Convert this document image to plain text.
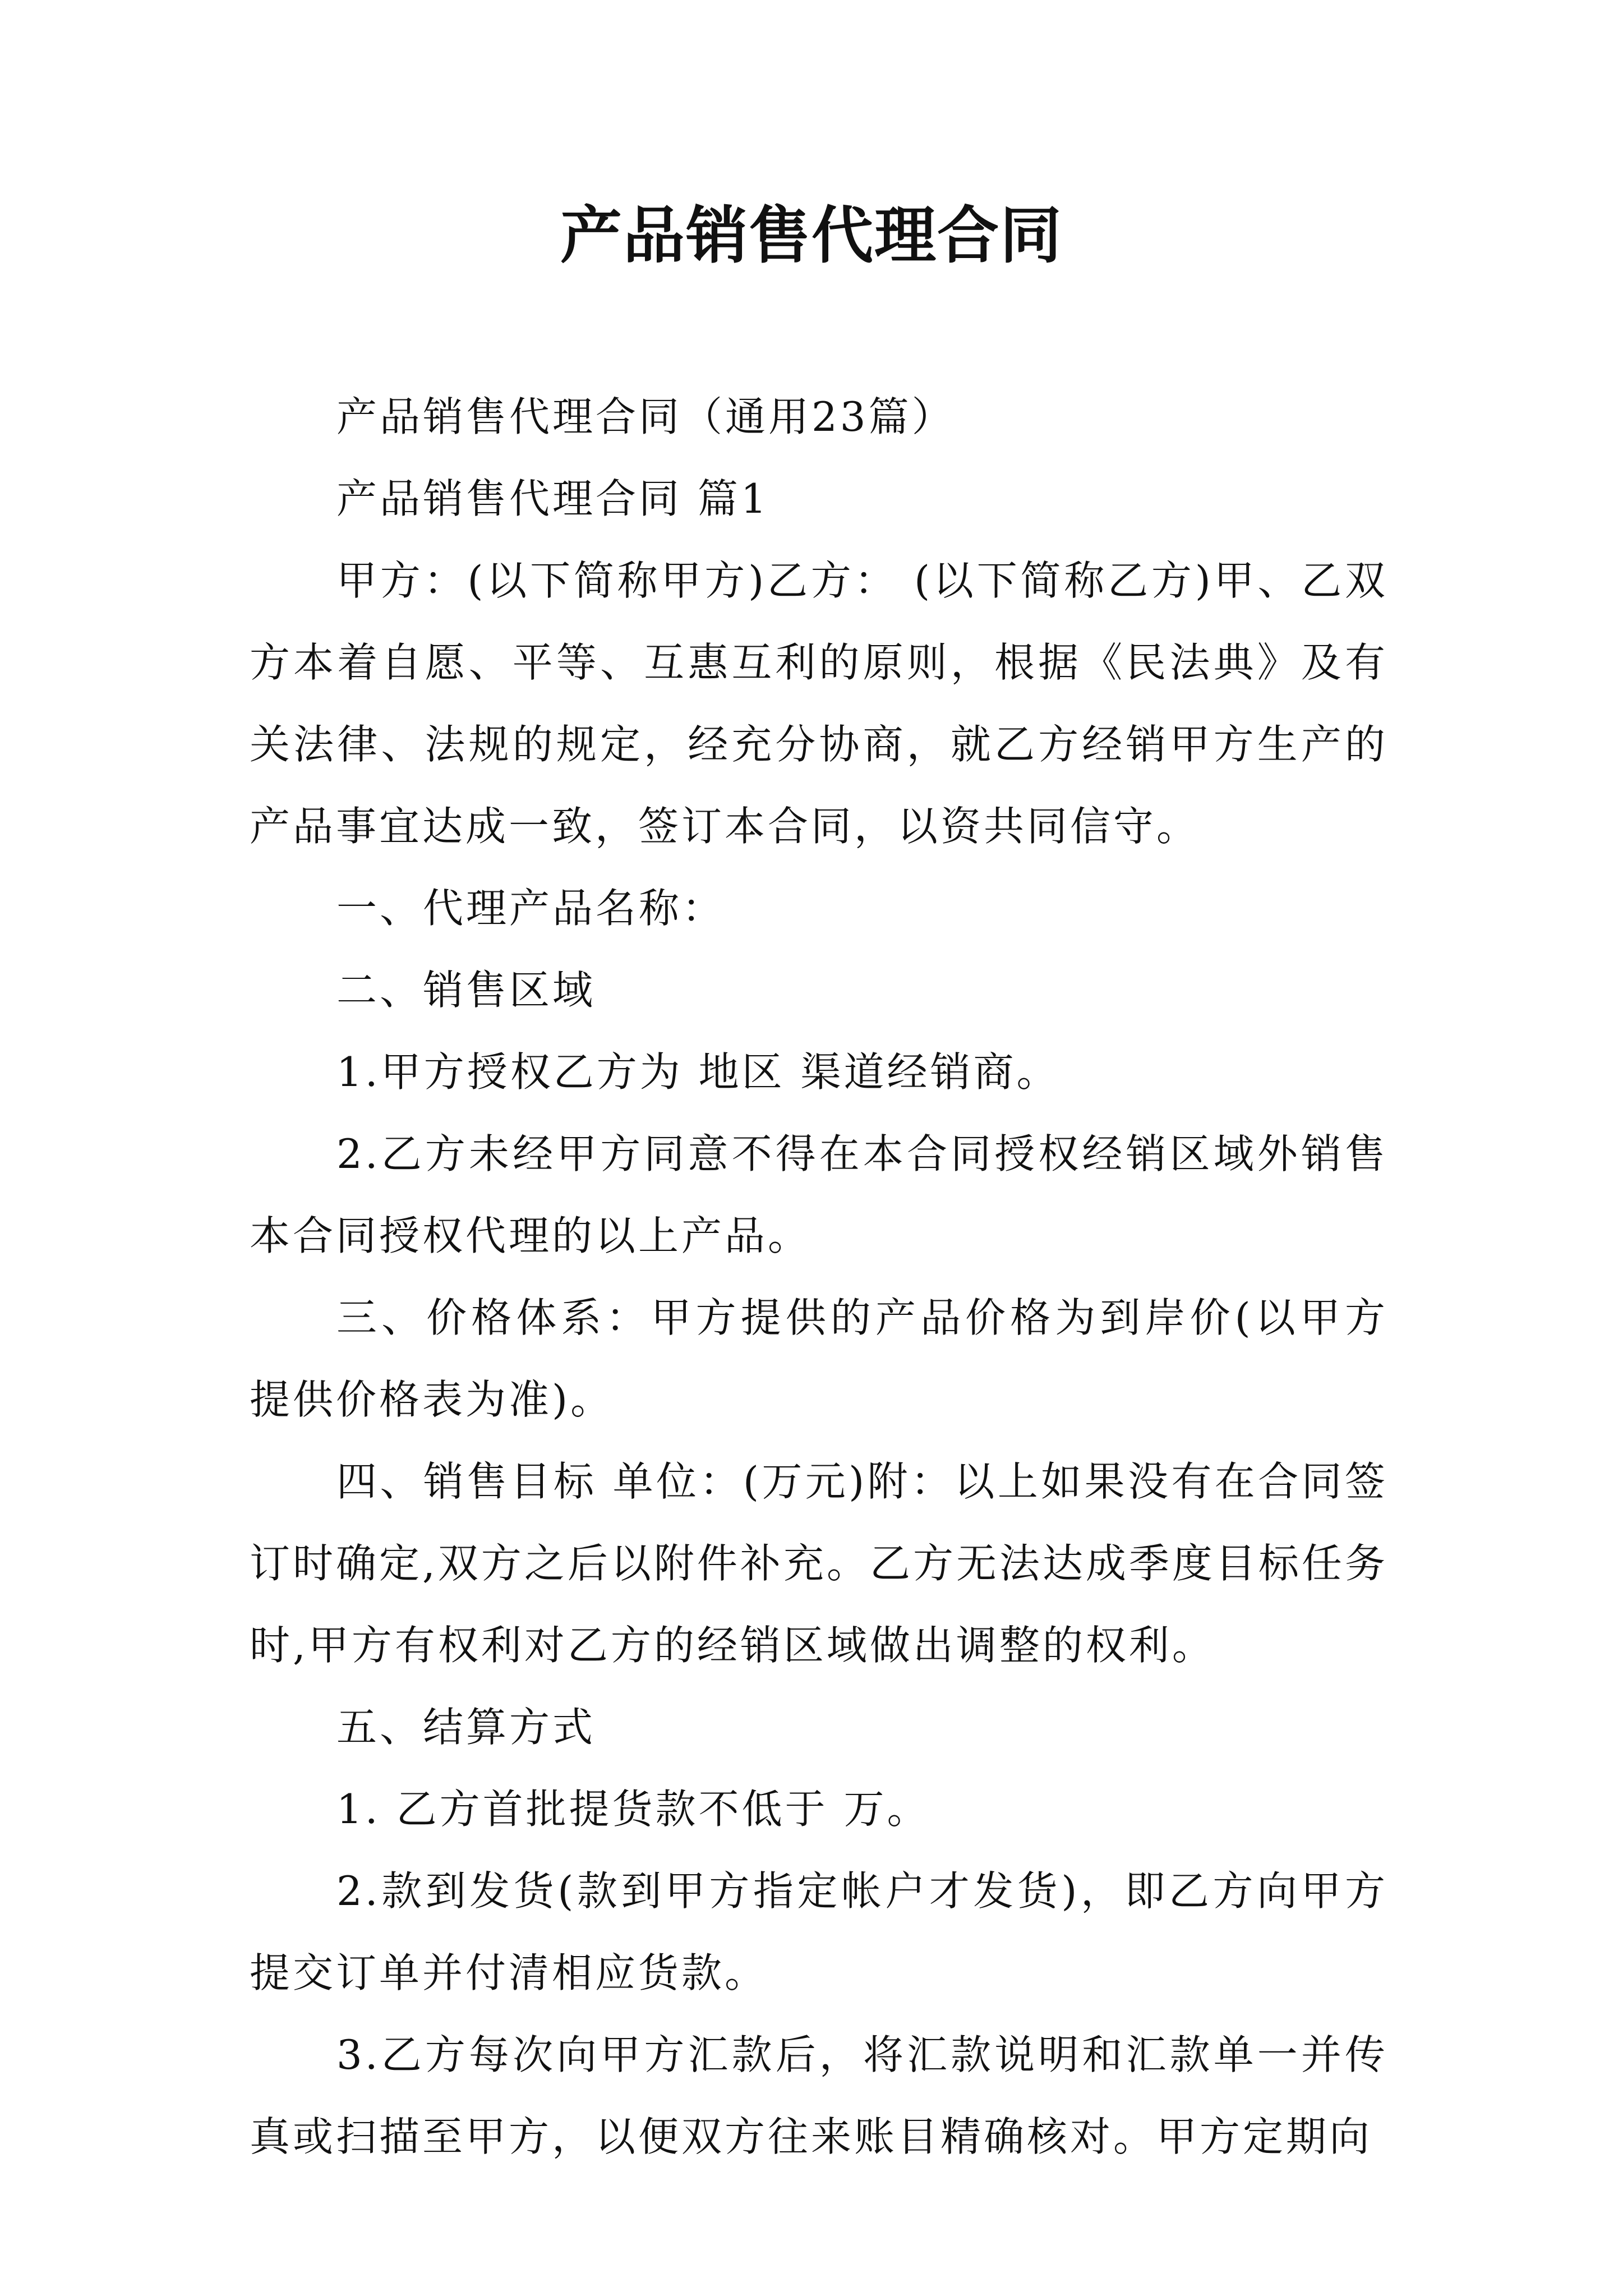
产品销售代理合同

产品销售代理合同（通用23篇）

产品销售代理合同 篇1

甲方：(以下简称甲方)乙方： (以下简称乙方)甲、乙双方本着自愿、平等、互惠互利的原则，根据《民法典》及有关法律、法规的规定，经充分协商，就乙方经销甲方生产的产品事宜达成一致，签订本合同，以资共同信守。

一、代理产品名称：

二、销售区域

1.甲方授权乙方为 地区 渠道经销商。

2.乙方未经甲方同意不得在本合同授权经销区域外销售本合同授权代理的以上产品。

三、价格体系：甲方提供的产品价格为到岸价(以甲方提供价格表为准)。

四、销售目标 单位：(万元)附：以上如果没有在合同签订时确定,双方之后以附件补充。乙方无法达成季度目标任务时,甲方有权利对乙方的经销区域做出调整的权利。

五、结算方式

1. 乙方首批提货款不低于 万。

2.款到发货(款到甲方指定帐户才发货)，即乙方向甲方提交订单并付清相应货款。

3.乙方每次向甲方汇款后，将汇款说明和汇款单一并传真或扫描至甲方，以便双方往来账目精确核对。甲方定期向
